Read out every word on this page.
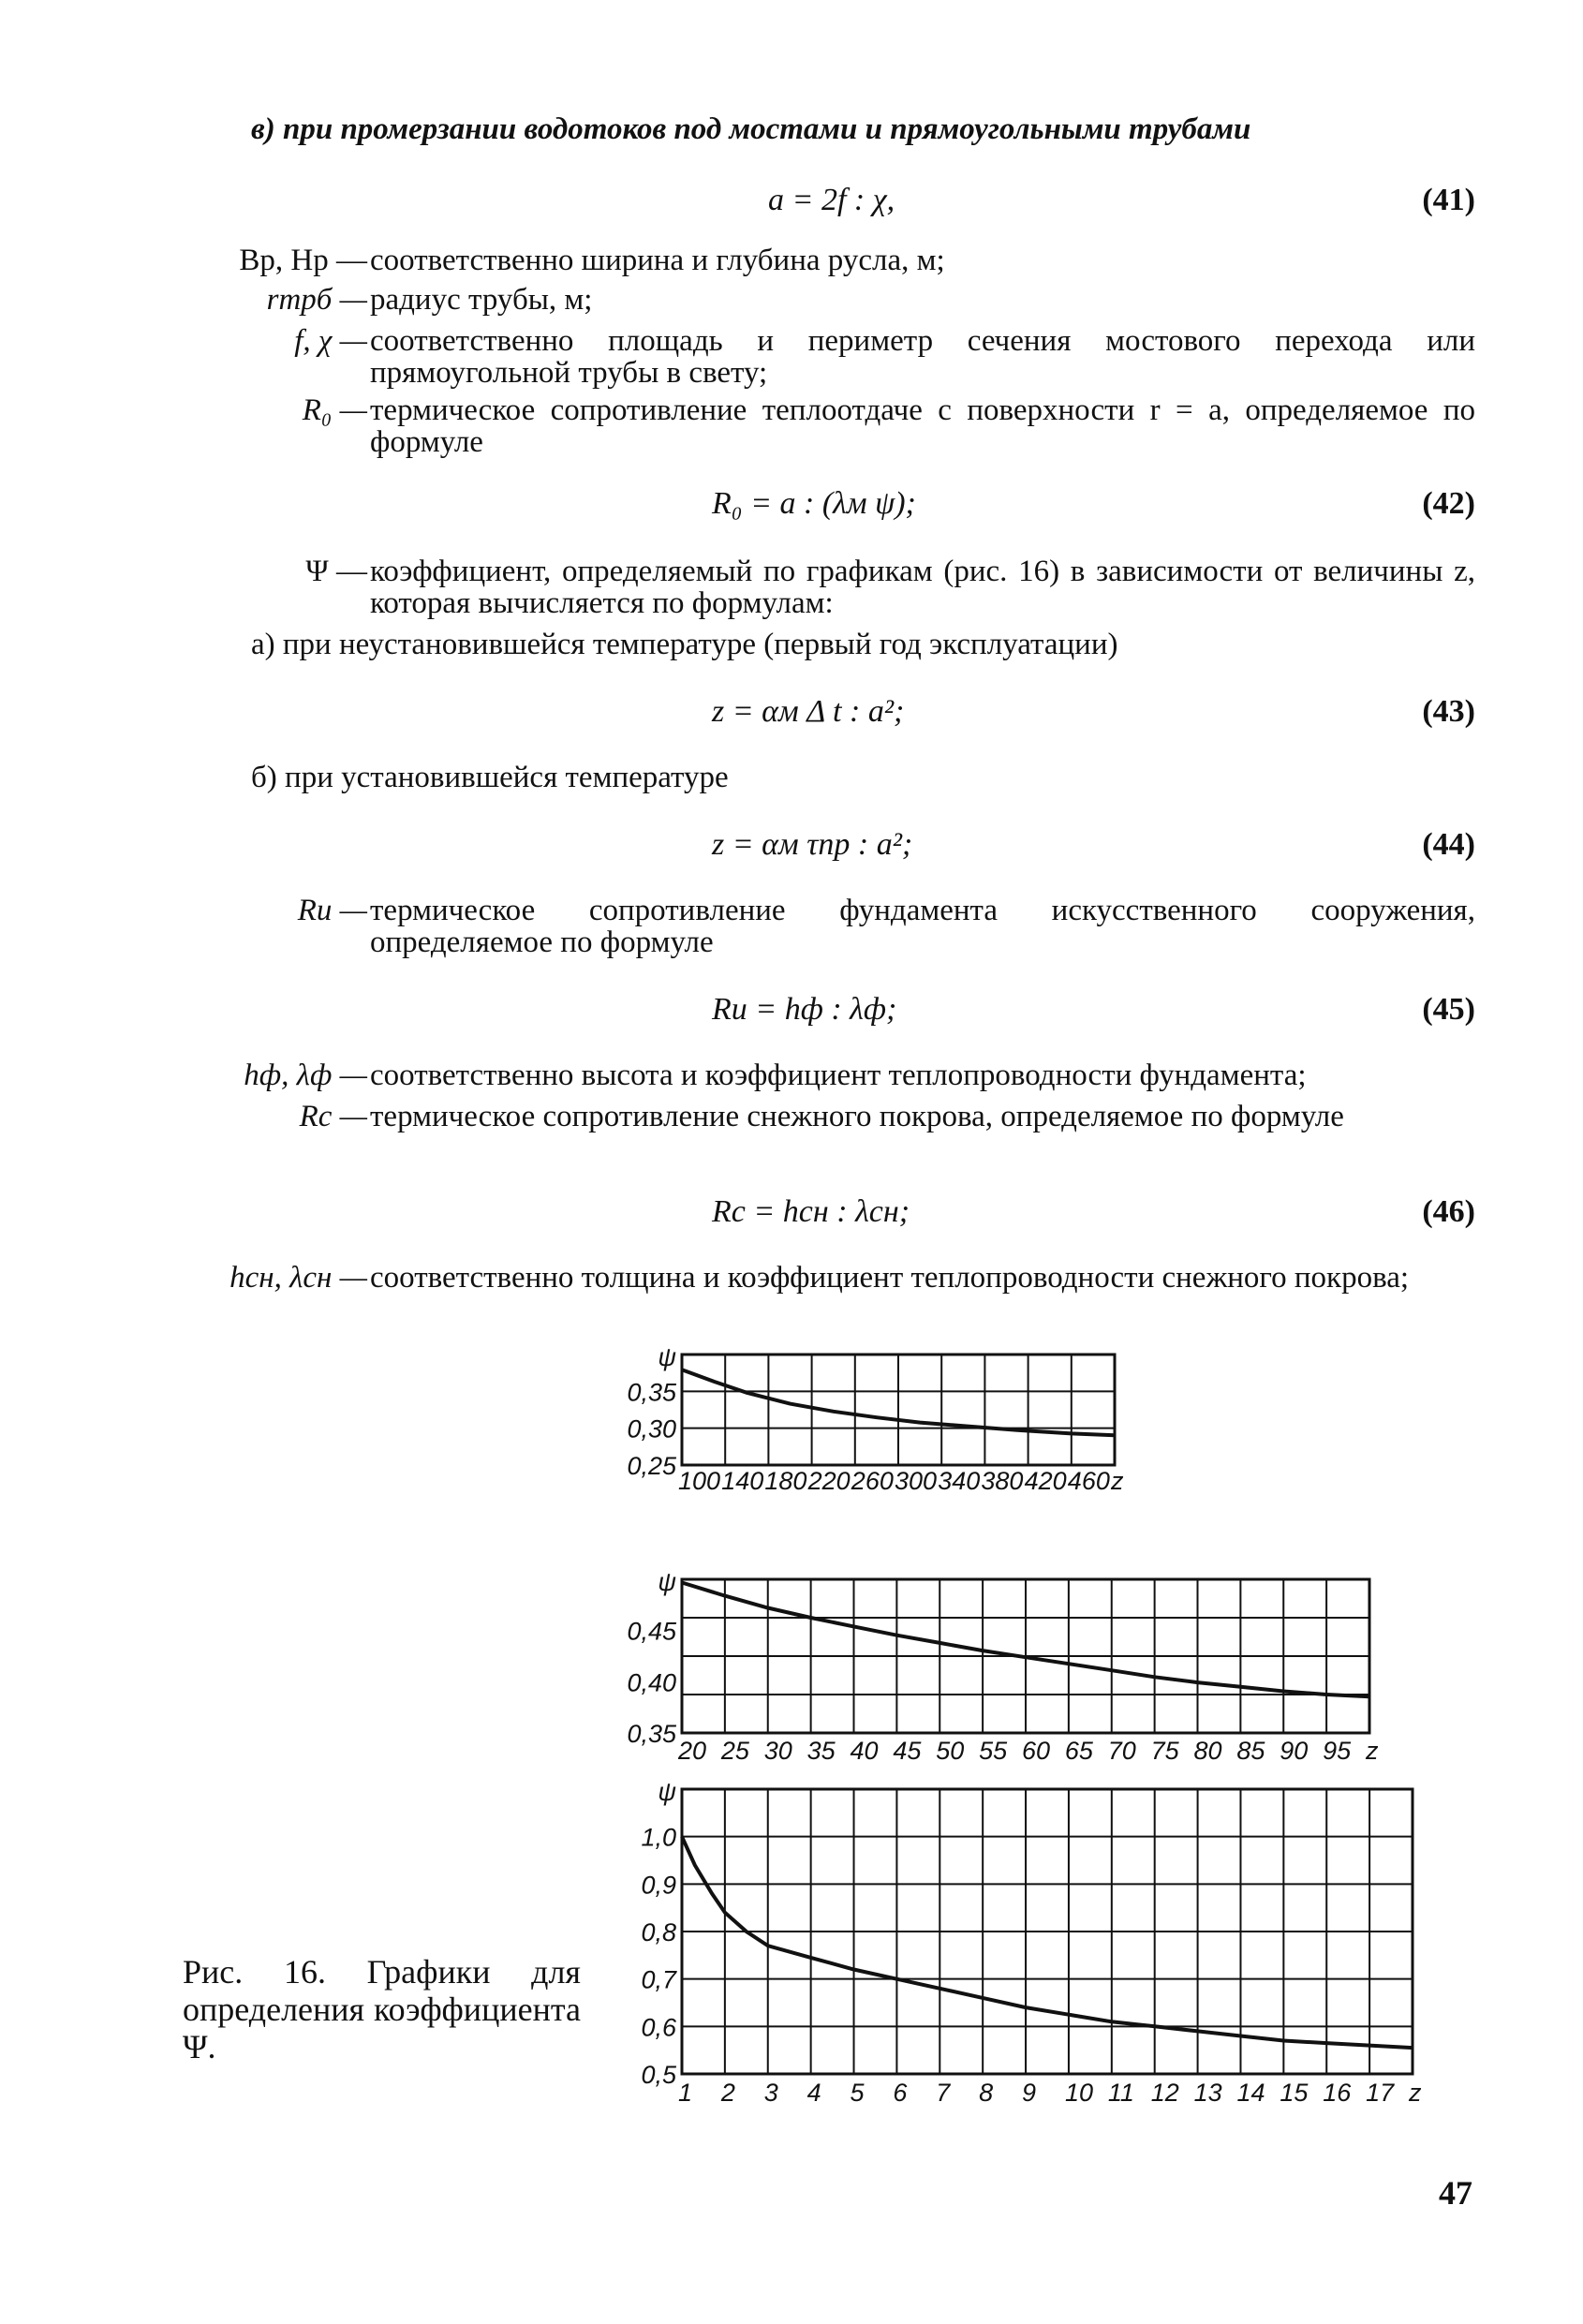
в) при промерзании водотоков под мостами и прямоугольными трубами
a = 2f : χ,	(41)
Вр, Нр — соответственно ширина и глубина русла, м;
rтрб — радиус трубы, м;
f, χ — соответственно площадь и периметр сечения мостового перехода или прямоугольной трубы в свету;
R₀ — термическое сопротивление теплоотдаче с поверхности r = a, определяемое по формуле
R₀ = a : (λм ψ);	(42)
Ψ — коэффициент, определяемый по графикам (рис. 16) в зависимости от величины z, которая вычисляется по формулам:
а) при неустановившейся температуре (первый год эксплуатации)
z = αм Δ t : a²;	(43)
б) при установившейся температуре
z = αм τпр : a²;	(44)
Rи — термическое сопротивление фундамента искусственного сооружения, определяемое по формуле
Rи = hф : λф;	(45)
hф, λф — соответственно высота и коэффициент теплопроводности фундамента;
Rс — термическое сопротивление снежного покрова, определяемое по формуле
Rс = hсн : λсн;	(46)
hсн, λсн — соответственно толщина и коэффициент теплопроводности снежного покрова;
100 140 180 220 260 300 340 380 420 460 z
ψ
0,35
0,30
0,25
20 25 30 35 40 45 50 55 60 65 70 75 80 85 90 95 z
ψ
0,45
0,40
0,35
1 2 3 4 5 6 7 8 9 10 11 12 13 14 15 16 17 z
ψ
1,0
0,9
0,8
0,7
0,6
0,5
Рис. 16. Графики для определения коэффициента Ψ.
47
